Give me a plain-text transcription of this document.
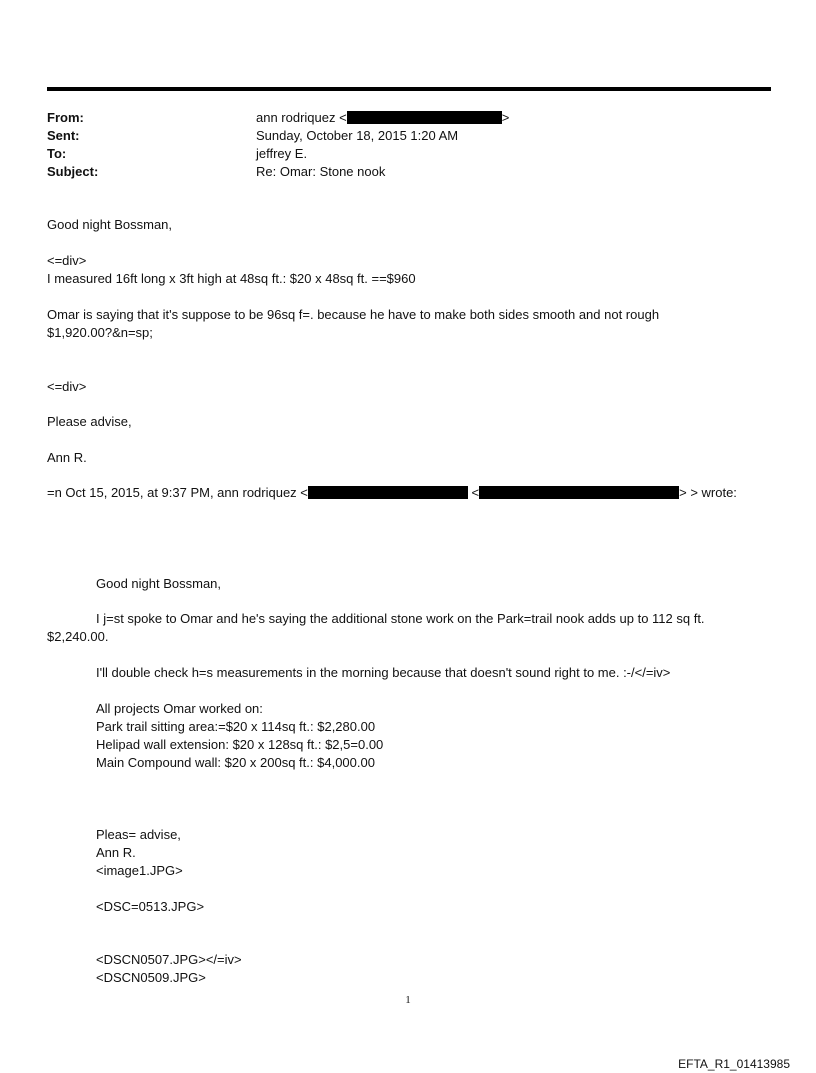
From:	ann rodriquez <	>
Sent:	Sunday, October 18, 2015 1:20 AM
To:	jeffrey E.
Subject:	Re: Omar: Stone nook
Good night Bossman,
<=div>
I measured 16ft long x 3ft high at 48sq ft.: $20 x 48sq ft. ==$960
Omar is saying that it's suppose to be 96sq f=. because he have to make both sides smooth and not rough
$1,920.00?&n=sp;
<=div>
Please advise,
Ann R.
=n Oct 15, 2015, at 9:37 PM, ann rodriquez <	<	> > wrote:
Good night Bossman,
I j=st spoke to Omar and he's saying the additional stone work on the Park=trail nook adds up to 112 sq ft.
$2,240.00.
I'll double check h=s measurements in the morning because that doesn't sound right to me. :-/</=iv>
All projects Omar worked on:
Park trail sitting area:=$20 x 114sq ft.: $2,280.00
Helipad wall extension: $20 x 128sq ft.: $2,5=0.00
Main Compound wall: $20 x 200sq ft.: $4,000.00
Pleas= advise,
Ann R.
<image1.JPG>
<DSC=0513.JPG>
<DSCN0507.JPG></=iv>
<DSCN0509.JPG>
1
EFTA_R1_01413985
